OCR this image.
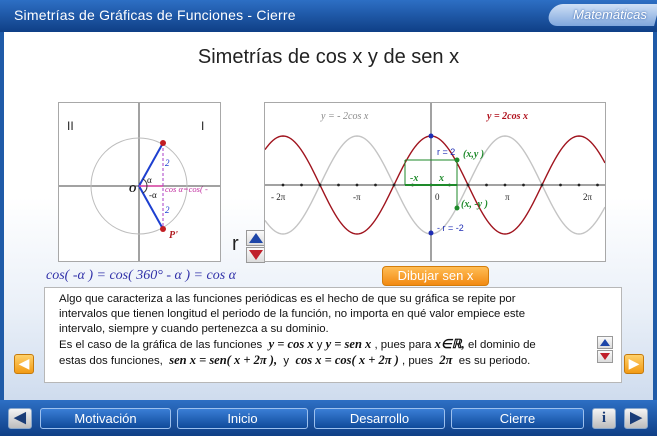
Simetrías de Gráficas de Funciones - Cierre	Matemáticas
Simetrías de cos x y de sen x
II	I
O
α
-α
2
2
P'
cos α=cos( -
r
cos( -α ) = cos( 360° - α ) = cos α
y = - 2cos x	y = 2cos x
r = 2
- r = -2
(x,y )
(x, -y )
-x x
- 2π	-π	0	π	2π
Dibujar sen x
Algo que caracteriza a las funciones periódicas es el hecho de que su gráfica se repite por
intervalos que tienen longitud el periodo de la función, no importa en qué valor empiece este
intervalo, siempre y cuando pertenezca a su dominio.
Es el caso de la gráfica de las funciones y = cos x y y = sen x , pues para x∈ℝ, el dominio de
estas dos funciones, sen x = sen( x + 2π ), y cos x = cos( x + 2π ) , pues 2π es su periodo.
◀	▶
◀	Motivación	Inicio	Desarrollo	Cierre	i	▶
